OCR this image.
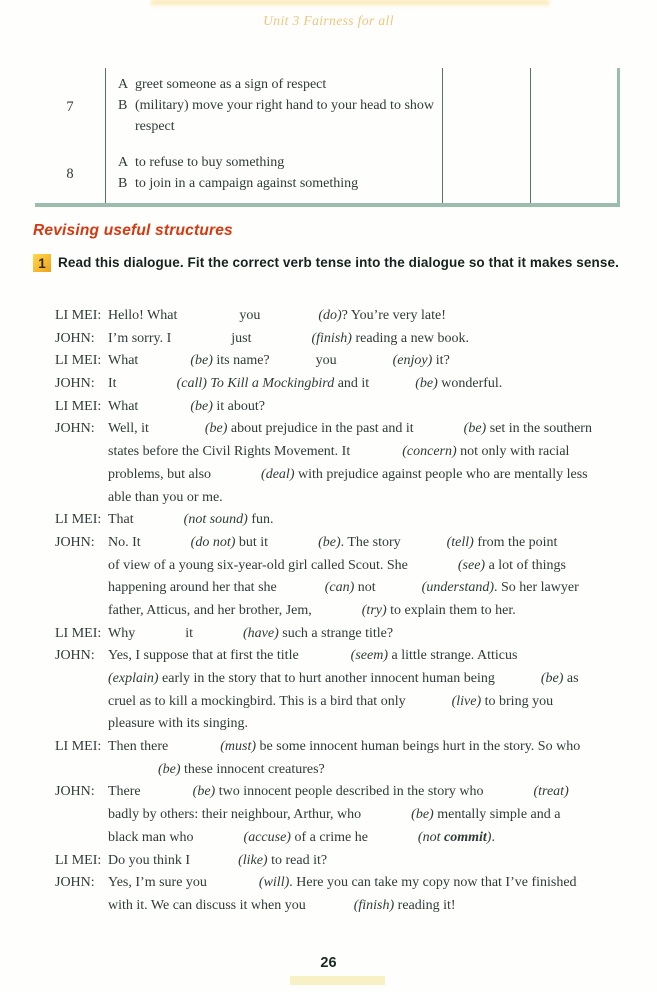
Unit 3 Fairness for all
7
A greet someone as a sign of respect
B (military) move your right hand to your head to show respect
8
A to refuse to buy something
B to join in a campaign against something
Revising useful structures
1 Read this dialogue. Fit the correct verb tense into the dialogue so that it makes sense.
LI MEI: Hello! What	you	(do)? You’re very late!
JOHN: I’m sorry. I	just	(finish) reading a new book.
LI MEI: What	(be) its name?	you	(enjoy) it?
JOHN: It	(call) To Kill a Mockingbird and it	(be) wonderful.
LI MEI: What	(be) it about?
JOHN: Well, it	(be) about prejudice in the past and it	(be) set in the southern
states before the Civil Rights Movement. It	(concern) not only with racial
problems, but also	(deal) with prejudice against people who are mentally less
able than you or me.
LI MEI: That	(not sound) fun.
JOHN: No. It	(do not) but it	(be). The story	(tell) from the point
of view of a young six-year-old girl called Scout. She	(see) a lot of things
happening around her that she	(can) not	(understand). So her lawyer
father, Atticus, and her brother, Jem,	(try) to explain them to her.
LI MEI: Why	it	(have) such a strange title?
JOHN: Yes, I suppose that at first the title	(seem) a little strange. Atticus
(explain) early in the story that to hurt another innocent human being	(be) as
cruel as to kill a mockingbird. This is a bird that only	(live) to bring you
pleasure with its singing.
LI MEI: Then there	(must) be some innocent human beings hurt in the story. So who
(be) these innocent creatures?
JOHN: There	(be) two innocent people described in the story who	(treat)
badly by others: their neighbour, Arthur, who	(be) mentally simple and a
black man who	(accuse) of a crime he	(not commit).
LI MEI: Do you think I	(like) to read it?
JOHN: Yes, I’m sure you	(will). Here you can take my copy now that I’ve finished
with it. We can discuss it when you	(finish) reading it!
26
